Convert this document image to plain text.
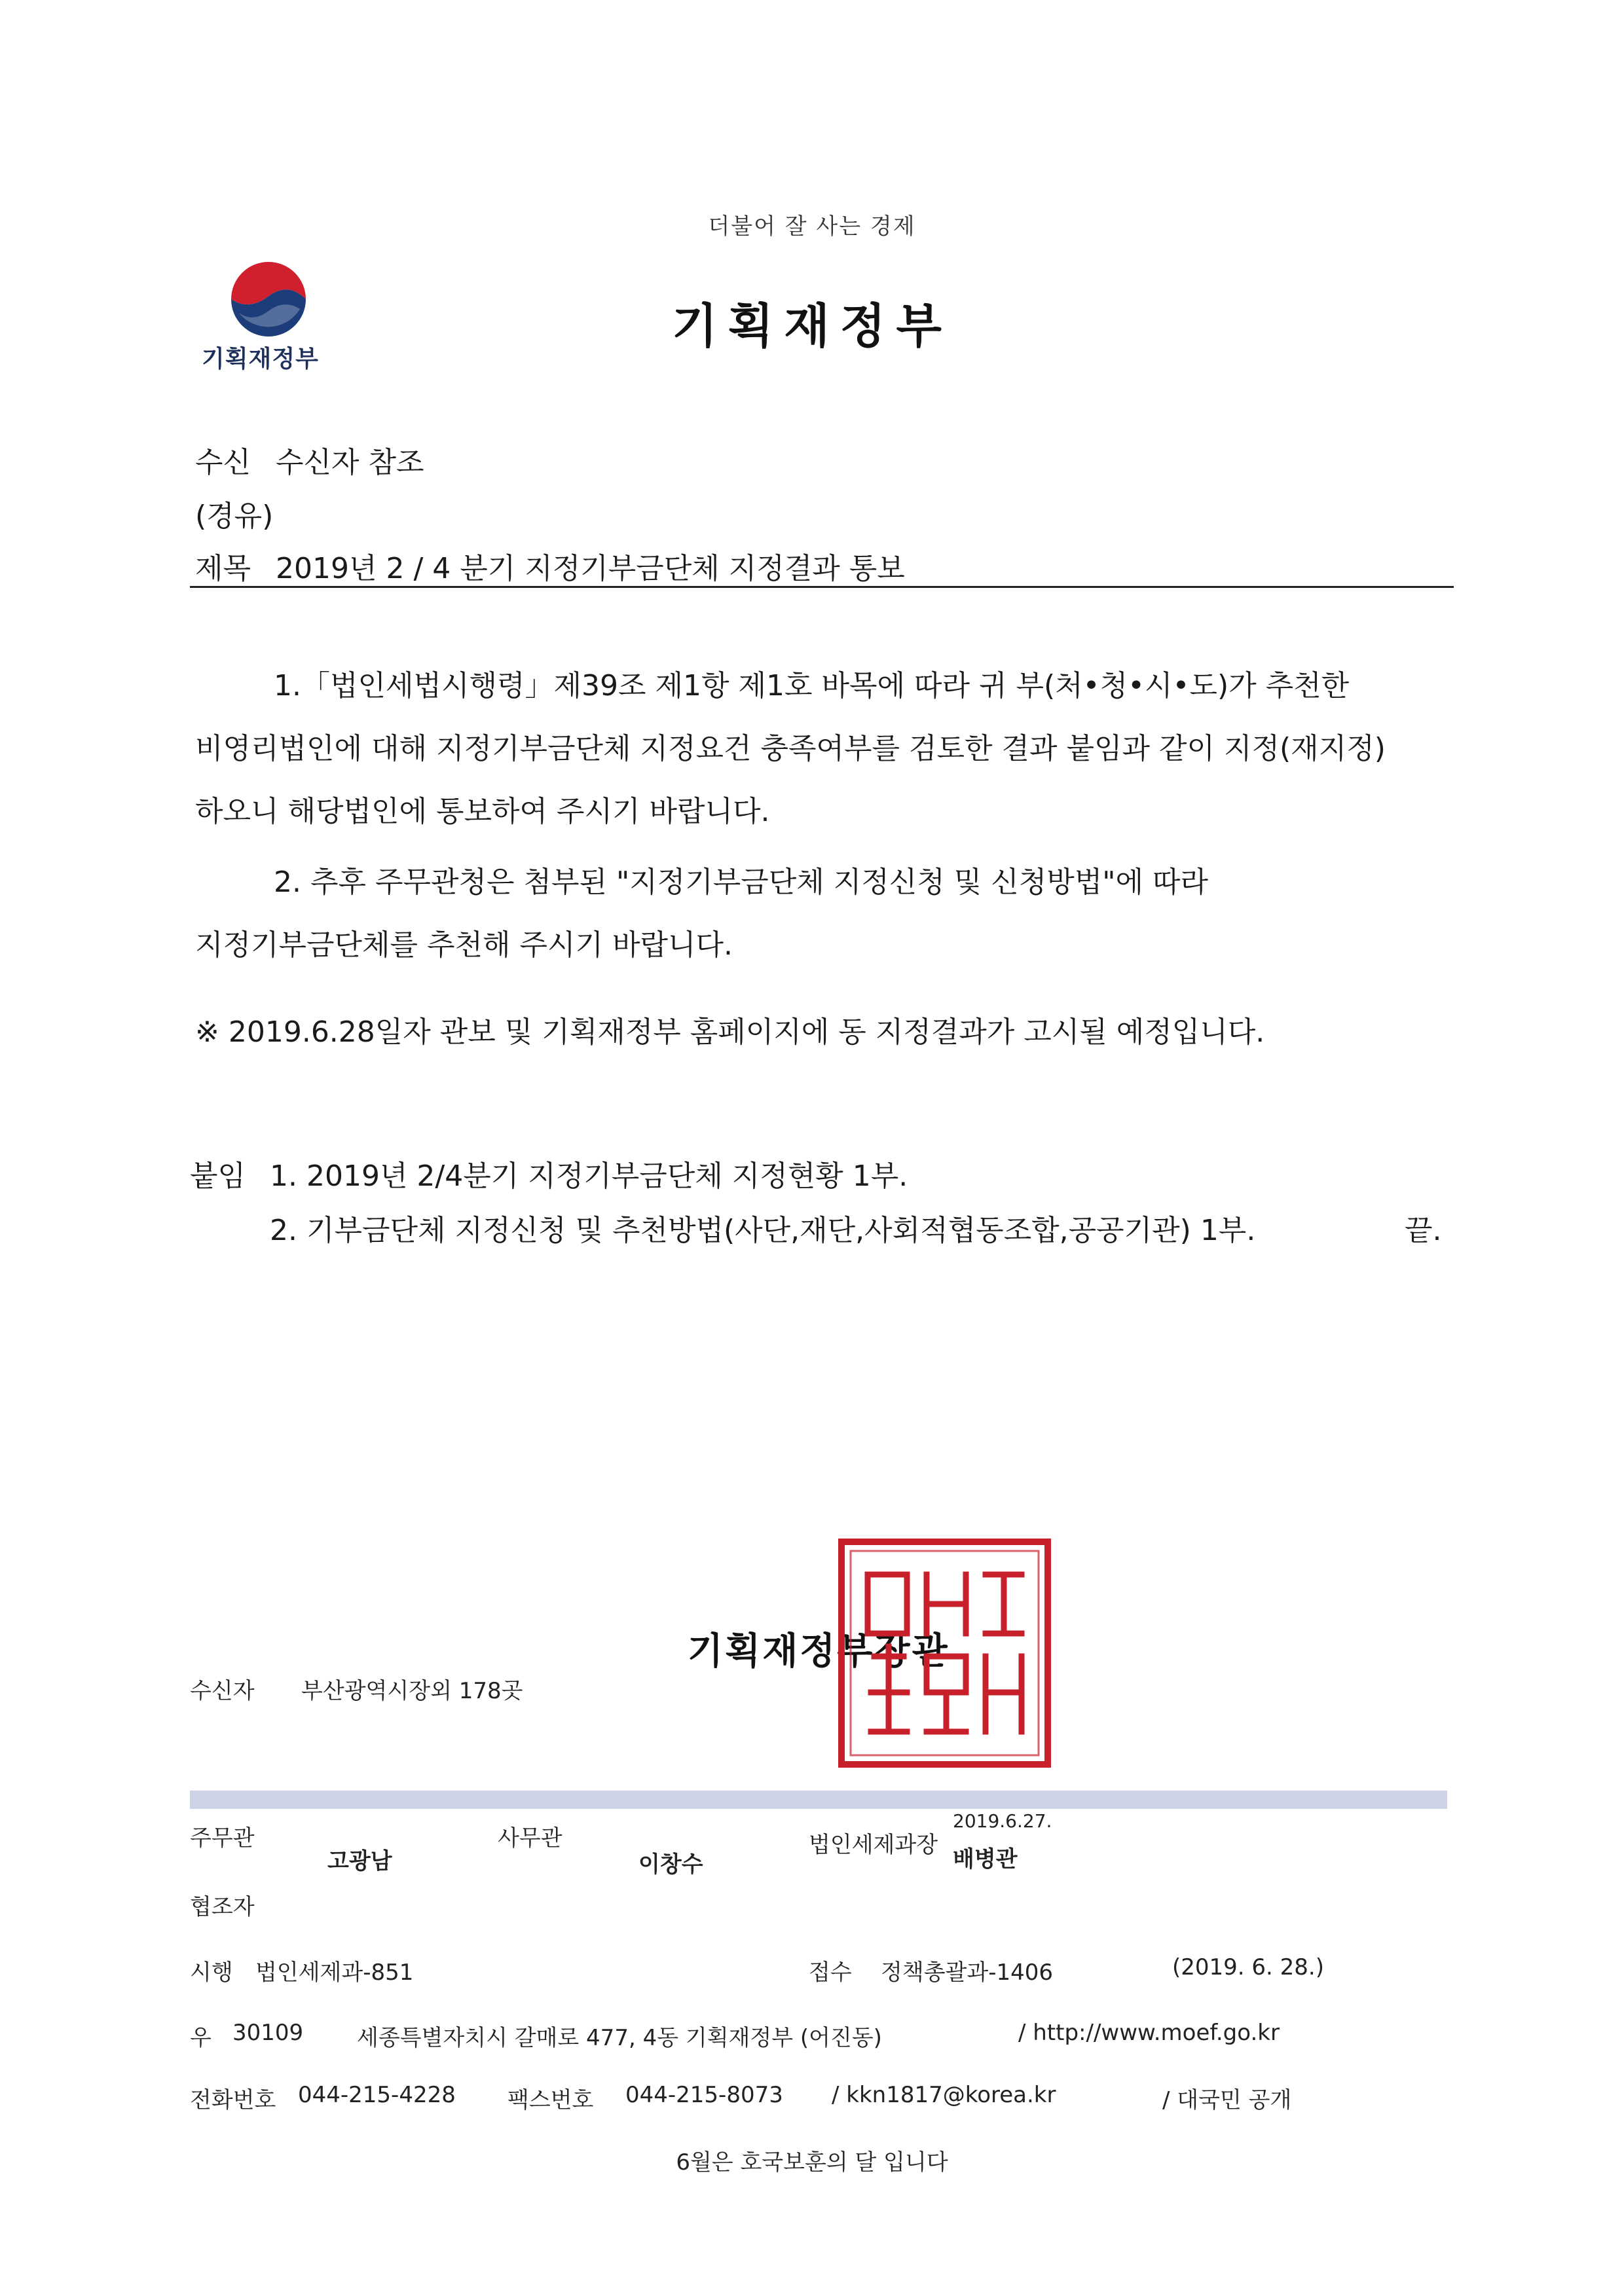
더불어 잘 사는 경제
기획재정부
기획재정부
수신 수신자 참조
(경유)
제목 2019년 2 / 4 분기 지정기부금단체 지정결과 통보
1.「법인세법시행령」제39조 제1항 제1호 바목에 따라 귀 부(처•청•시•도)가 추천한 비영리법인에 대해 지정기부금단체 지정요건 충족여부를 검토한 결과 붙임과 같이 지정(재지정)하오니 해당법인에 통보하여 주시기 바랍니다.
2. 추후 주무관청은 첨부된 "지정기부금단체 지정신청 및 신청방법"에 따라 지정기부금단체를 추천해 주시기 바랍니다.
※ 2019.6.28일자 관보 및 기획재정부 홈페이지에 동 지정결과가 고시될 예정입니다.
붙임 1. 2019년 2/4분기 지정기부금단체 지정현황 1부.
2. 기부금단체 지정신청 및 추천방법(사단,재단,사회적협동조합,공공기관) 1부.	끝.
기획재정부장관
수신자 부산광역시장외 178곳
주무관
고광남
사무관
이창수
법인세제과장
2019.6.27.
배병관
협조자
시행 법인세제과-851	접수 정책총괄과-1406	(2019. 6. 28.)
우 30109 세종특별자치시 갈매로 477, 4동 기획재정부 (어진동)	/ http://www.moef.go.kr
전화번호 044-215-4228 팩스번호 044-215-8073 / kkn1817@korea.kr	/ 대국민 공개
6월은 호국보훈의 달 입니다
